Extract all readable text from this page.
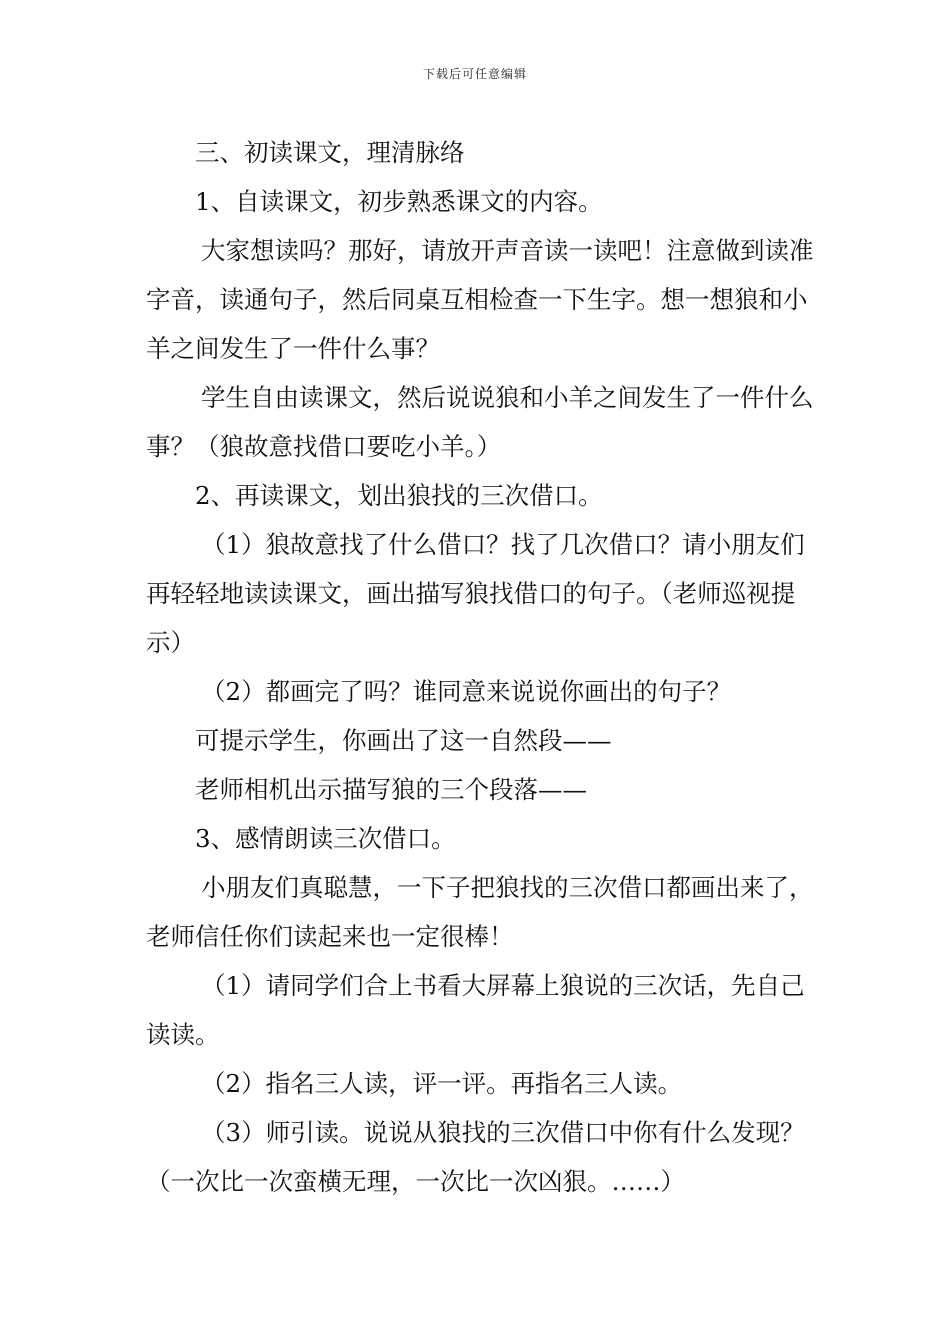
下载后可任意编辑

三、初读课文，理清脉络

1、自读课文，初步熟悉课文的内容。

大家想读吗？那好，请放开声音读一读吧！注意做到读准字音，读通句子，然后同桌互相检查一下生字。想一想狼和小羊之间发生了一件什么事？

学生自由读课文，然后说说狼和小羊之间发生了一件什么事？（狼故意找借口要吃小羊。）

2、再读课文，划出狼找的三次借口。

（1）狼故意找了什么借口？找了几次借口？请小朋友们再轻轻地读读课文，画出描写狼找借口的句子。（老师巡视提示）

（2）都画完了吗？谁同意来说说你画出的句子？

可提示学生，你画出了这一自然段——

老师相机出示描写狼的三个段落——

3、感情朗读三次借口。

小朋友们真聪慧，一下子把狼找的三次借口都画出来了，老师信任你们读起来也一定很棒！

（1）请同学们合上书看大屏幕上狼说的三次话，先自己读读。

（2）指名三人读，评一评。再指名三人读。

（3）师引读。说说从狼找的三次借口中你有什么发现？

（一次比一次蛮横无理，一次比一次凶狠。……）
